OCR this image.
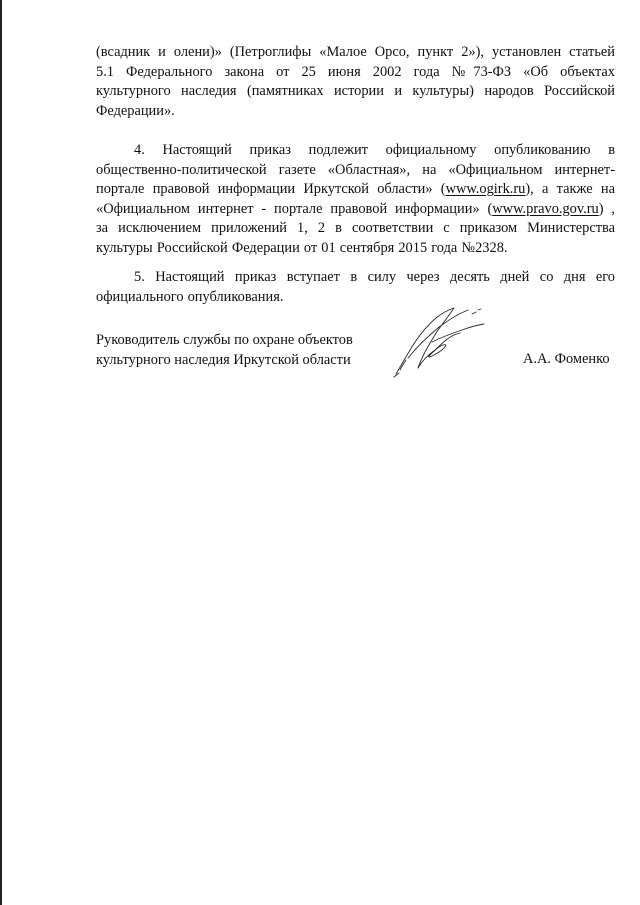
(всадник и олени)» (Петроглифы «Малое Орсо, пункт 2»), установлен статьей
5.1 Федерального закона от 25 июня 2002 года №73-ФЗ «Об объектах
культурного наследия (памятниках истории и культуры) народов Российской
Федерации».
4. Настоящий приказ подлежит официальному опубликованию в
общественно-политической газете «Областная», на «Официальном интернет-
портале правовой информации Иркутской области» (www.ogirk.ru), а также на
«Официальном интернет - портале правовой информации» (www.pravo.gov.ru) ,
за исключением приложений 1, 2 в соответствии с приказом Министерства
культуры Российской Федерации от 01 сентября 2015 года №2328.
5. Настоящий приказ вступает в силу через десять дней со дня его
официального опубликования.
Руководитель службы по охране объектов
культурного наследия Иркутской области	А.А. Фоменко
